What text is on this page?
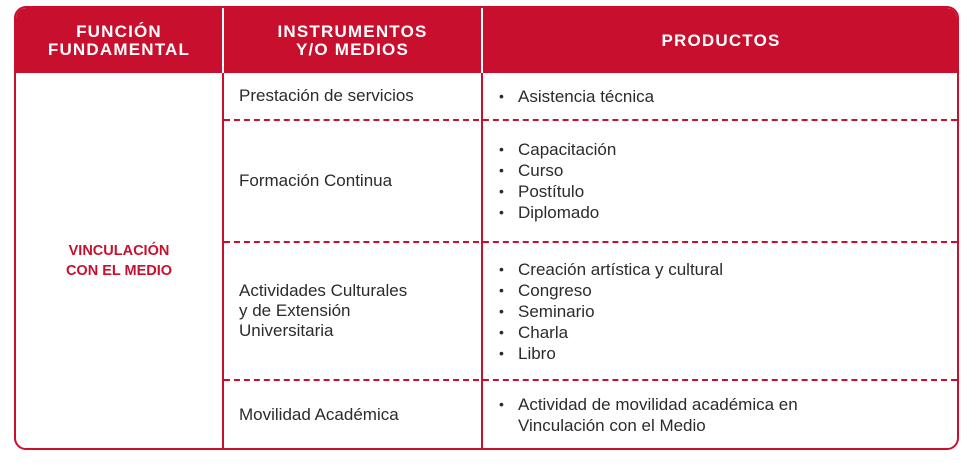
FUNCIÓN
FUNDAMENTAL
INSTRUMENTOS
Y/O MEDIOS	PRODUCTOS
VINCULACIÓN
CON EL MEDIO
Prestación de servicios	• Asistencia técnica
Formación Continua
• Capacitación
• Curso
• Postítulo
• Diplomado
Actividades Culturales
y de Extensión
Universitaria
• Creación artística y cultural
• Congreso
• Seminario
• Charla
• Libro
Movilidad Académica
• Actividad de movilidad académica en
Vinculación con el Medio
